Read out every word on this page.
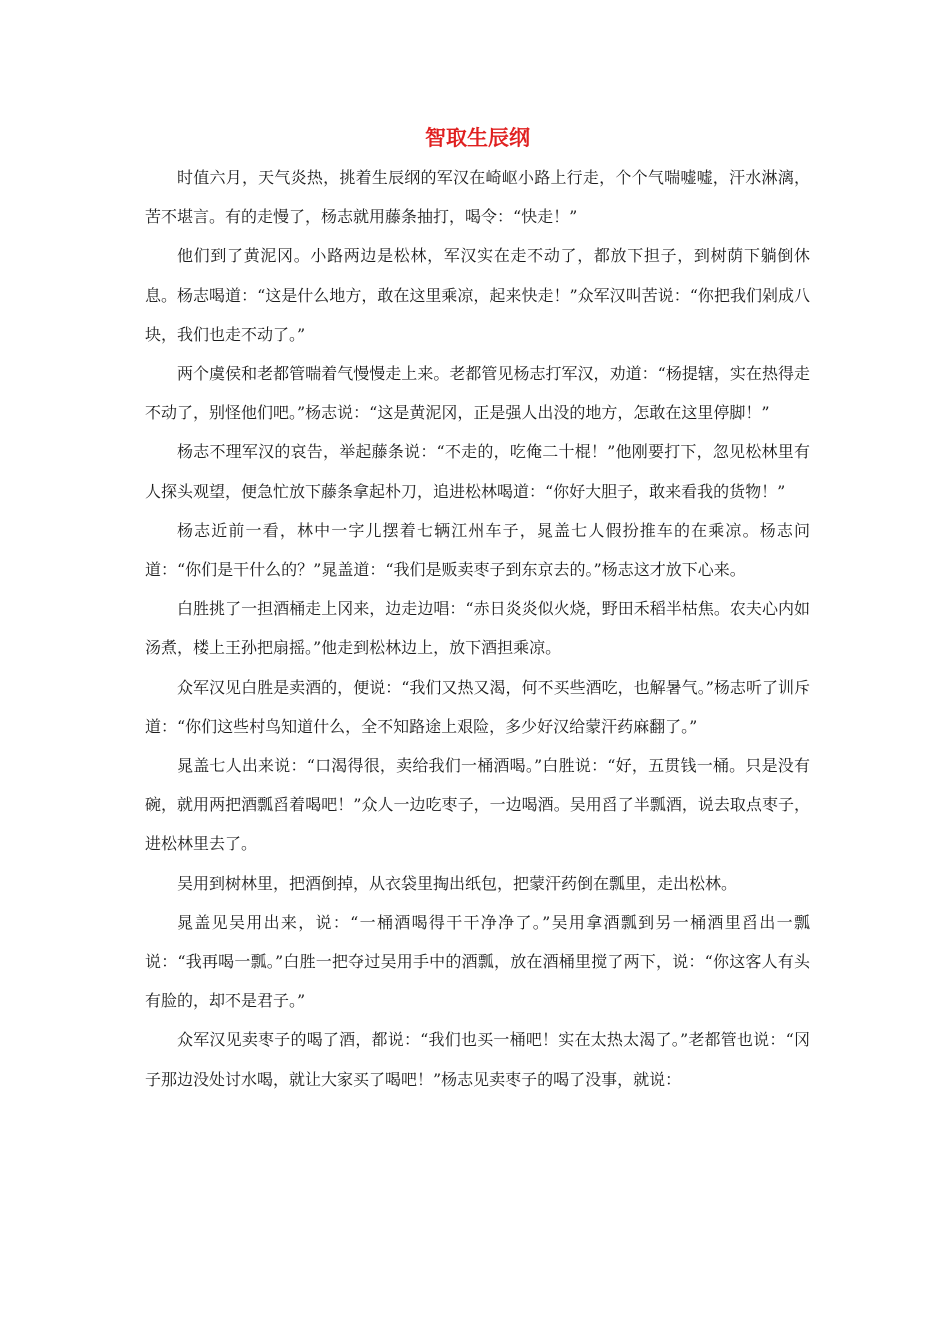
智取生辰纲

时值六月，天气炎热，挑着生辰纲的军汉在崎岖小路上行走，个个气喘嘘嘘，汗水淋漓，苦不堪言。有的走慢了，杨志就用藤条抽打，喝令：“快走！”

他们到了黄泥冈。小路两边是松林，军汉实在走不动了，都放下担子，到树荫下躺倒休息。杨志喝道：“这是什么地方，敢在这里乘凉，起来快走！”众军汉叫苦说：“你把我们剁成八块，我们也走不动了。”

两个虞侯和老都管喘着气慢慢走上来。老都管见杨志打军汉，劝道：“杨提辖，实在热得走不动了，别怪他们吧。”杨志说：“这是黄泥冈，正是强人出没的地方，怎敢在这里停脚！”

杨志不理军汉的哀告，举起藤条说：“不走的，吃俺二十棍！”他刚要打下，忽见松林里有人探头观望，便急忙放下藤条拿起朴刀，追进松林喝道：“你好大胆子，敢来看我的货物！”

杨志近前一看，林中一字儿摆着七辆江州车子，晁盖七人假扮推车的在乘凉。杨志问道：“你们是干什么的？”晁盖道：“我们是贩卖枣子到东京去的。”杨志这才放下心来。

白胜挑了一担酒桶走上冈来，边走边唱：“赤日炎炎似火烧，野田禾稻半枯焦。农夫心内如汤煮，楼上王孙把扇摇。”他走到松林边上，放下酒担乘凉。

众军汉见白胜是卖酒的，便说：“我们又热又渴，何不买些酒吃，也解暑气。”杨志听了训斥道：“你们这些村鸟知道什么，全不知路途上艰险，多少好汉给蒙汗药麻翻了。”

晁盖七人出来说：“口渴得很，卖给我们一桶酒喝。”白胜说：“好，五贯钱一桶。只是没有碗，就用两把酒瓢舀着喝吧！”众人一边吃枣子，一边喝酒。吴用舀了半瓢酒，说去取点枣子，进松林里去了。

吴用到树林里，把酒倒掉，从衣袋里掏出纸包，把蒙汗药倒在瓢里，走出松林。

晁盖见吴用出来，说：“一桶酒喝得干干净净了。”吴用拿酒瓢到另一桶酒里舀出一瓢说：“我再喝一瓢。”白胜一把夺过吴用手中的酒瓢，放在酒桶里搅了两下，说：“你这客人有头有脸的，却不是君子。”

众军汉见卖枣子的喝了酒，都说：“我们也买一桶吧！实在太热太渴了。”老都管也说：“冈子那边没处讨水喝，就让大家买了喝吧！”杨志见卖枣子的喝了没事，就说：
